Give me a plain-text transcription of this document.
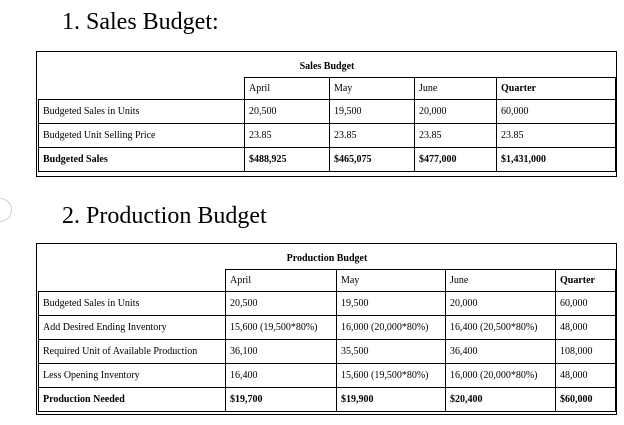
1. Sales Budget:
Sales Budget				
	April	May	June	Quarter
Budgeted Sales in Units	20,500	19,500	20,000	60,000
Budgeted Unit Selling Price	23.85	23.85	23.85	23.85
Budgeted Sales	$488,925	$465,075	$477,000	$1,431,000
2. Production Budget
Production Budget				
	April	May	June	Quarter
Budgeted Sales in Units	20,500	19,500	20,000	60,000
Add Desired Ending Inventory	15,600 (19,500*80%)	16,000 (20,000*80%)	16,400 (20,500*80%)	48,000
Required Unit of Available Production	36,100	35,500	36,400	108,000
Less Opening Inventory	16,400	15,600 (19,500*80%)	16,000 (20,000*80%)	48,000
Production Needed	$19,700	$19,900	$20,400	$60,000
